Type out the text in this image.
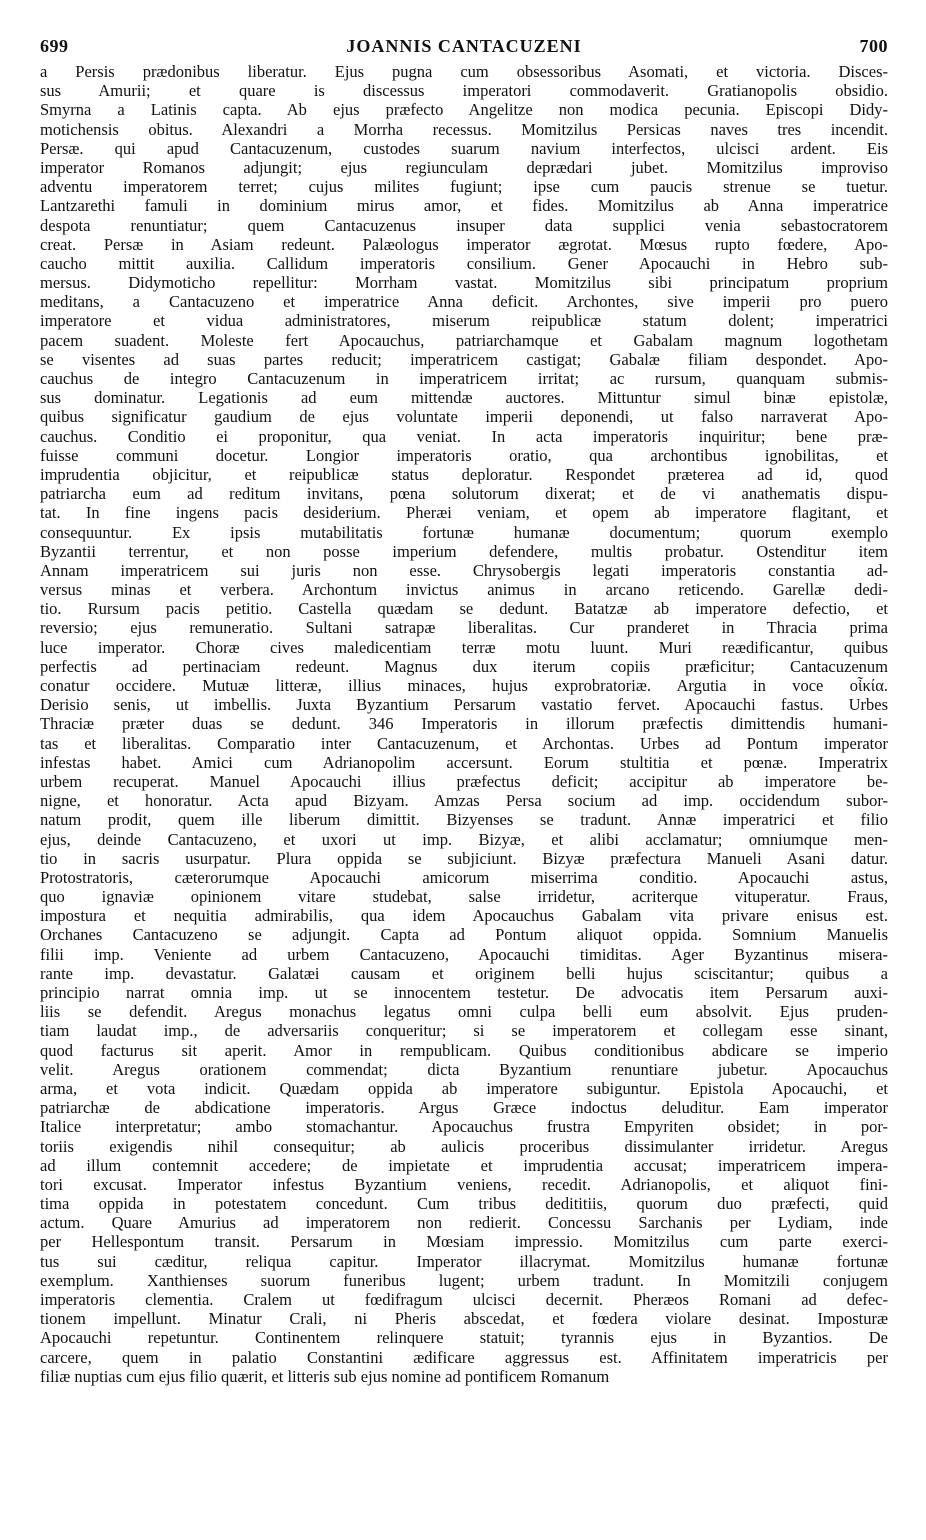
699	JOANNIS CANTACUZENI	700
a Persis prædonibus liberatur. Ejus pugna cum obsessoribus Asomati, et victoria. Disces-
sus Amurii; et quare is discessus imperatori commodaverit. Gratianopolis obsidio.
Smyrna a Latinis capta. Ab ejus præfecto Angelitze non modica pecunia. Episcopi Didy-
motichensis obitus. Alexandri a Morrha recessus. Momitzilus Persicas naves tres incendit.
Persæ. qui apud Cantacuzenum, custodes suarum navium interfectos, ulcisci ardent. Eis
imperator Romanos adjungit; ejus regiunculam deprædari jubet. Momitzilus improviso
adventu imperatorem terret; cujus milites fugiunt; ipse cum paucis strenue se tuetur.
Lantzarethi famuli in dominium mirus amor, et fides. Momitzilus ab Anna imperatrice
despota renuntiatur; quem Cantacuzenus insuper data supplici venia sebastocratorem
creat. Persæ in Asiam redeunt. Palæologus imperator ægrotat. Mœsus rupto fœdere, Apo-
caucho mittit auxilia. Callidum imperatoris consilium. Gener Apocauchi in Hebro sub-
mersus. Didymoticho repellitur: Morrham vastat. Momitzilus sibi principatum proprium
meditans, a Cantacuzeno et imperatrice Anna deficit. Archontes, sive imperii pro puero
imperatore et vidua administratores, miserum reipublicæ statum dolent; imperatrici
pacem suadent. Moleste fert Apocauchus, patriarchamque et Gabalam magnum logothetam
se visentes ad suas partes reducit; imperatricem castigat; Gabalæ filiam despondet. Apo-
cauchus de integro Cantacuzenum in imperatricem irritat; ac rursum, quanquam submis-
sus dominatur. Legationis ad eum mittendæ auctores. Mittuntur simul binæ epistolæ,
quibus significatur gaudium de ejus voluntate imperii deponendi, ut falso narraverat Apo-
cauchus. Conditio ei proponitur, qua veniat. In acta imperatoris inquiritur; bene præ-
fuisse communi docetur. Longior imperatoris oratio, qua archontibus ignobilitas, et
imprudentia objicitur, et reipublicæ status deploratur. Respondet præterea ad id, quod
patriarcha eum ad reditum invitans, pœna solutorum dixerat; et de vi anathematis dispu-
tat. In fine ingens pacis desiderium. Pheræi veniam, et opem ab imperatore flagitant, et
consequuntur. Ex ipsis mutabilitatis fortunæ humanæ documentum; quorum exemplo
Byzantii terrentur, et non posse imperium defendere, multis probatur. Ostenditur item
Annam imperatricem sui juris non esse. Chrysobergis legati imperatoris constantia ad-
versus minas et verbera. Archontum invictus animus in arcano reticendo. Garellæ dedi-
tio. Rursum pacis petitio. Castella quædam se dedunt. Batatzæ ab imperatore defectio, et
reversio; ejus remuneratio. Sultani satrapæ liberalitas. Cur pranderet in Thracia prima
luce imperator. Choræ cives maledicentiam terræ motu luunt. Muri reædificantur, quibus
perfectis ad pertinaciam redeunt. Magnus dux iterum copiis præficitur; Cantacuzenum
conatur occidere. Mutuæ litteræ, illius minaces, hujus exprobratoriæ. Argutia in voce οἶκία.
Derisio senis, ut imbellis. Juxta Byzantium Persarum vastatio fervet. Apocauchi fastus. Urbes
Thraciæ præter duas se dedunt. 346 Imperatoris in illorum præfectis dimittendis humani-
tas et liberalitas. Comparatio inter Cantacuzenum, et Archontas. Urbes ad Pontum imperator
infestas habet. Amici cum Adrianopolim accersunt. Eorum stultitia et pœnæ. Imperatrix
urbem recuperat. Manuel Apocauchi illius præfectus deficit; accipitur ab imperatore be-
nigne, et honoratur. Acta apud Bizyam. Amzas Persa socium ad imp. occidendum subor-
natum prodit, quem ille liberum dimittit. Bizyenses se tradunt. Annæ imperatrici et filio
ejus, deinde Cantacuzeno, et uxori ut imp. Bizyæ, et alibi acclamatur; omniumque men-
tio in sacris usurpatur. Plura oppida se subjiciunt. Bizyæ præfectura Manueli Asani datur.
Protostratoris, cæterorumque Apocauchi amicorum miserrima conditio. Apocauchi astus,
quo ignaviæ opinionem vitare studebat, salse irridetur, acriterque vituperatur. Fraus,
impostura et nequitia admirabilis, qua idem Apocauchus Gabalam vita privare enisus est.
Orchanes Cantacuzeno se adjungit. Capta ad Pontum aliquot oppida. Somnium Manuelis
filii imp. Veniente ad urbem Cantacuzeno, Apocauchi timiditas. Ager Byzantinus misera-
rante imp. devastatur. Galatæi causam et originem belli hujus sciscitantur; quibus a
principio narrat omnia imp. ut se innocentem testetur. De advocatis item Persarum auxi-
liis se defendit. Aregus monachus legatus omni culpa belli eum absolvit. Ejus pruden-
tiam laudat imp., de adversariis conqueritur; si se imperatorem et collegam esse sinant,
quod facturus sit aperit. Amor in rempublicam. Quibus conditionibus abdicare se imperio
velit. Aregus orationem commendat; dicta Byzantium renuntiare jubetur. Apocauchus
arma, et vota indicit. Quædam oppida ab imperatore subiguntur. Epistola Apocauchi, et
patriarchæ de abdicatione imperatoris. Argus Græce indoctus deluditur. Eam imperator
Italice interpretatur; ambo stomachantur. Apocauchus frustra Empyriten obsidet; in por-
toriis exigendis nihil consequitur; ab aulicis proceribus dissimulanter irridetur. Aregus
ad illum contemnit accedere; de impietate et imprudentia accusat; imperatricem impera-
tori excusat. Imperator infestus Byzantium veniens, recedit. Adrianopolis, et aliquot fini-
tima oppida in potestatem concedunt. Cum tribus dedititiis, quorum duo præfecti, quid
actum. Quare Amurius ad imperatorem non redierit. Concessu Sarchanis per Lydiam, inde
per Hellespontum transit. Persarum in Mœsiam impressio. Momitzilus cum parte exerci-
tus sui cæditur, reliqua capitur. Imperator illacrymat. Momitzilus humanæ fortunæ
exemplum. Xanthienses suorum funeribus lugent; urbem tradunt. In Momitzili conjugem
imperatoris clementia. Cralem ut fœdifragum ulcisci decernit. Pheræos Romani ad defec-
tionem impellunt. Minatur Crali, ni Pheris abscedat, et fœdera violare desinat. Imposturæ
Apocauchi repetuntur. Continentem relinquere statuit; tyrannis ejus in Byzantios. De
carcere, quem in palatio Constantini ædificare aggressus est. Affinitatem imperatricis per
filiæ nuptias cum ejus filio quærit, et litteris sub ejus nomine ad pontificem Romanum
